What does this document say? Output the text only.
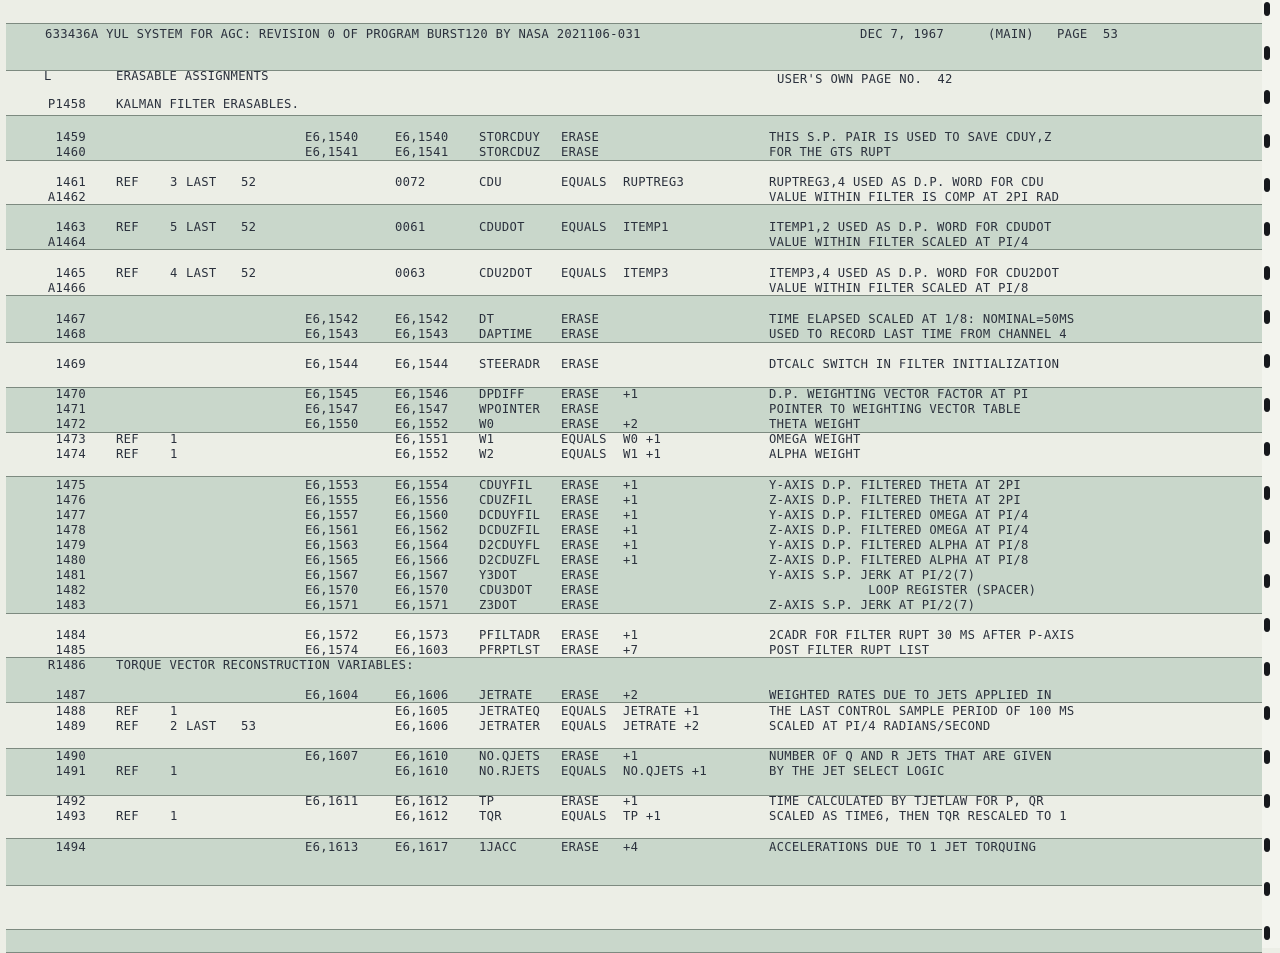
633436A YUL SYSTEM FOR AGC: REVISION 0 OF PROGRAM BURST120 BY NASA 2021106-031	DEC 7, 1967	(MAIN) PAGE  53
L	ERASABLE ASSIGNMENTS	USER'S OWN PAGE NO.  42
P1458 KALMAN FILTER ERASABLES.
1459	E6,1540	E6,1540	STORCDUY ERASE	THIS S.P. PAIR IS USED TO SAVE CDUY,Z
1460	E6,1541	E6,1541	STORCDUZ ERASE	FOR THE GTS RUPT
1461 REF	3 LAST 52	0072	CDU	EQUALS RUPTREG3	RUPTREG3,4 USED AS D.P. WORD FOR CDU
A1462	VALUE WITHIN FILTER IS COMP AT 2PI RAD
1463 REF	5 LAST 52	0061	CDUDOT	EQUALS ITEMP1	ITEMP1,2 USED AS D.P. WORD FOR CDUDOT
A1464	VALUE WITHIN FILTER SCALED AT PI/4
1465 REF	4 LAST 52	0063	CDU2DOT EQUALS ITEMP3	ITEMP3,4 USED AS D.P. WORD FOR CDU2DOT
A1466	VALUE WITHIN FILTER SCALED AT PI/8
1467	E6,1542	E6,1542	DT	ERASE	TIME ELAPSED SCALED AT 1/8: NOMINAL=50MS
1468	E6,1543	E6,1543	DAPTIME ERASE	USED TO RECORD LAST TIME FROM CHANNEL 4
1469	E6,1544	E6,1544	STEERADR ERASE	DTCALC SWITCH IN FILTER INITIALIZATION
1470	E6,1545	E6,1546	DPDIFF	ERASE +1	D.P. WEIGHTING VECTOR FACTOR AT PI
1471	E6,1547	E6,1547	WPOINTER ERASE	POINTER TO WEIGHTING VECTOR TABLE
1472	E6,1550	E6,1552	W0	ERASE +2	THETA WEIGHT
1473 REF	1	E6,1551	W1	EQUALS W0 +1	OMEGA WEIGHT
1474 REF	1	E6,1552	W2	EQUALS W1 +1	ALPHA WEIGHT
1475	E6,1553	E6,1554	CDUYFIL ERASE +1	Y-AXIS D.P. FILTERED THETA AT 2PI
1476	E6,1555	E6,1556	CDUZFIL ERASE +1	Z-AXIS D.P. FILTERED THETA AT 2PI
1477	E6,1557	E6,1560	DCDUYFIL ERASE +1	Y-AXIS D.P. FILTERED OMEGA AT PI/4
1478	E6,1561	E6,1562	DCDUZFIL ERASE +1	Z-AXIS D.P. FILTERED OMEGA AT PI/4
1479	E6,1563	E6,1564	D2CDUYFL ERASE +1	Y-AXIS D.P. FILTERED ALPHA AT PI/8
1480	E6,1565	E6,1566	D2CDUZFL ERASE +1	Z-AXIS D.P. FILTERED ALPHA AT PI/8
1481	E6,1567	E6,1567	Y3DOT	ERASE	Y-AXIS S.P. JERK AT PI/2(7)
1482	E6,1570	E6,1570	CDU3DOT ERASE	LOOP REGISTER (SPACER)
1483	E6,1571	E6,1571	Z3DOT	ERASE	Z-AXIS S.P. JERK AT PI/2(7)
1484	E6,1572	E6,1573	PFILTADR ERASE +1	2CADR FOR FILTER RUPT 30 MS AFTER P-AXIS
1485	E6,1574	E6,1603	PFRPTLST ERASE +7	POST FILTER RUPT LIST
R1486 TORQUE VECTOR RECONSTRUCTION VARIABLES:
1487	E6,1604	E6,1606	JETRATE ERASE +2	WEIGHTED RATES DUE TO JETS APPLIED IN
1488 REF	1	E6,1605	JETRATEQ EQUALS JETRATE +1	THE LAST CONTROL SAMPLE PERIOD OF 100 MS
1489 REF	2 LAST 53	E6,1606	JETRATER EQUALS JETRATE +2	SCALED AT PI/4 RADIANS/SECOND
1490	E6,1607	E6,1610	NO.QJETS ERASE +1	NUMBER OF Q AND R JETS THAT ARE GIVEN
1491 REF	1	E6,1610	NO.RJETS EQUALS NO.QJETS +1	BY THE JET SELECT LOGIC
1492	E6,1611	E6,1612	TP	ERASE +1	TIME CALCULATED BY TJETLAW FOR P, QR
1493 REF	1	E6,1612	TQR	EQUALS TP +1	SCALED AS TIME6, THEN TQR RESCALED TO 1
1494	E6,1613	E6,1617	1JACC	ERASE +4	ACCELERATIONS DUE TO 1 JET TORQUING
